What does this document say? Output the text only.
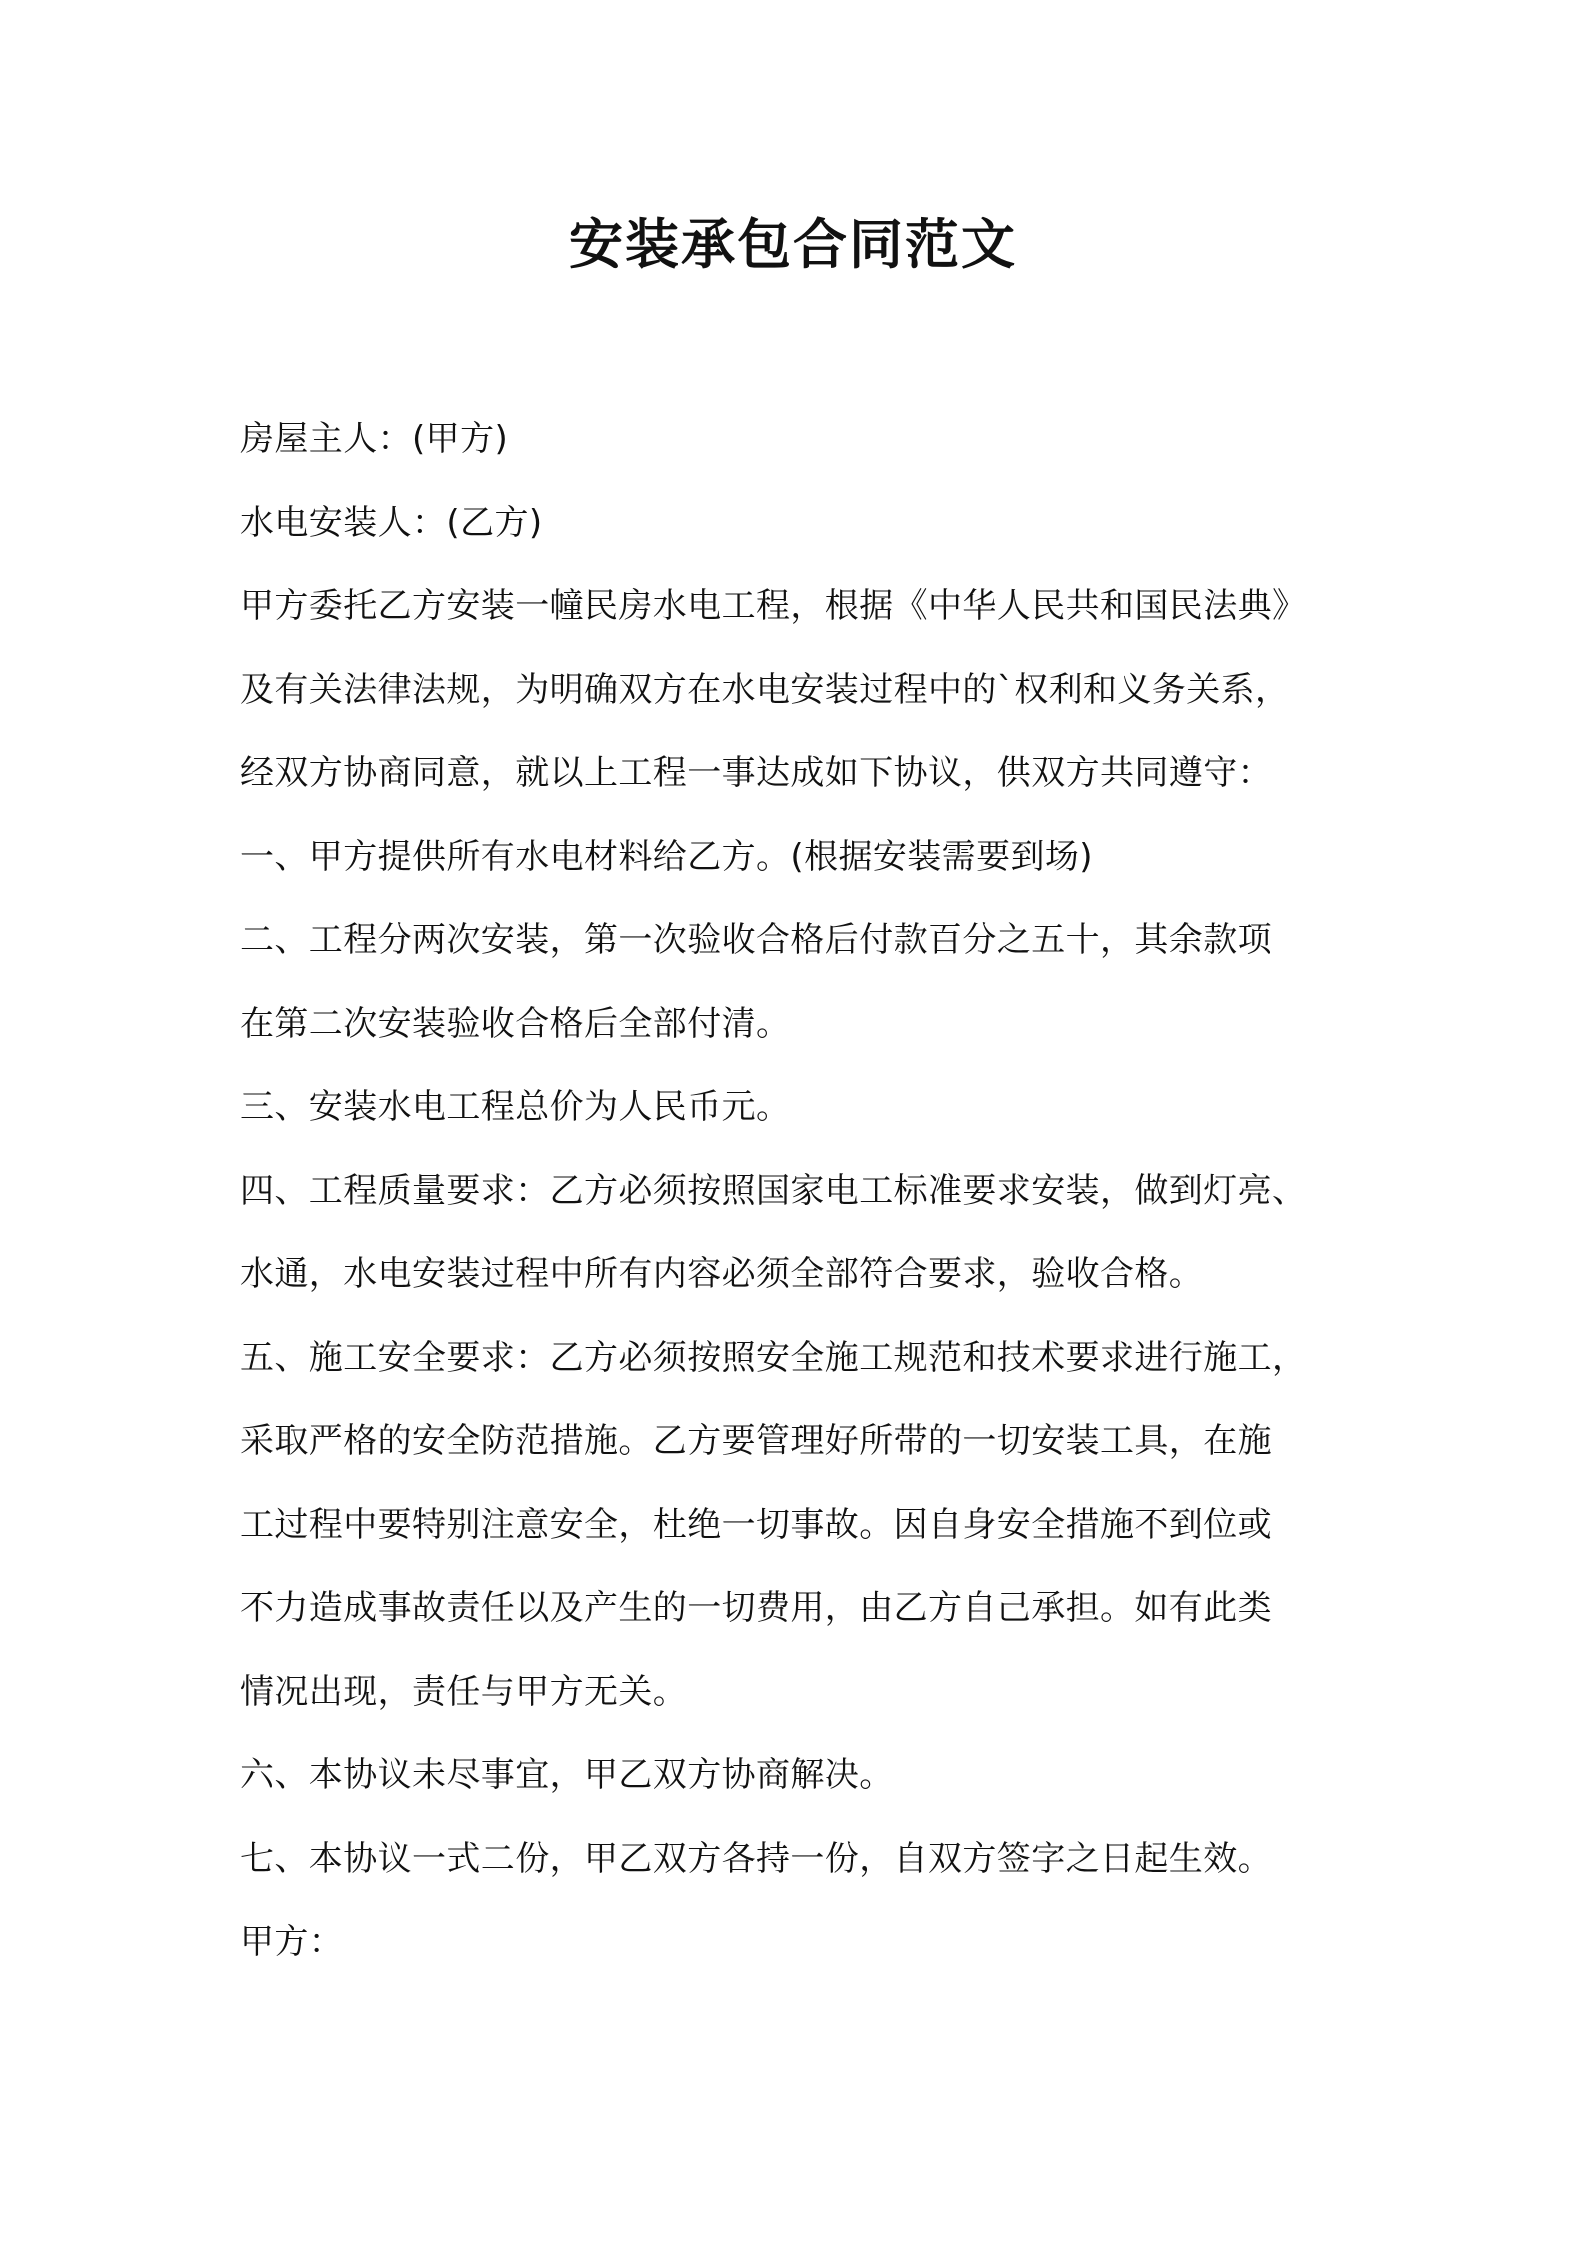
安装承包合同范文
房屋主人：(甲方)
水电安装人：(乙方)
甲方委托乙方安装一幢民房水电工程，根据《中华人民共和国民法典》
及有关法律法规，为明确双方在水电安装过程中的`权利和义务关系，
经双方协商同意，就以上工程一事达成如下协议，供双方共同遵守：
一、甲方提供所有水电材料给乙方。(根据安装需要到场)
二、工程分两次安装，第一次验收合格后付款百分之五十，其余款项
在第二次安装验收合格后全部付清。
三、安装水电工程总价为人民币元。
四、工程质量要求：乙方必须按照国家电工标准要求安装，做到灯亮、
水通，水电安装过程中所有内容必须全部符合要求，验收合格。
五、施工安全要求：乙方必须按照安全施工规范和技术要求进行施工，
采取严格的安全防范措施。乙方要管理好所带的一切安装工具，在施
工过程中要特别注意安全，杜绝一切事故。因自身安全措施不到位或
不力造成事故责任以及产生的一切费用，由乙方自己承担。如有此类
情况出现，责任与甲方无关。
六、本协议未尽事宜，甲乙双方协商解决。
七、本协议一式二份，甲乙双方各持一份，自双方签字之日起生效。
甲方：
